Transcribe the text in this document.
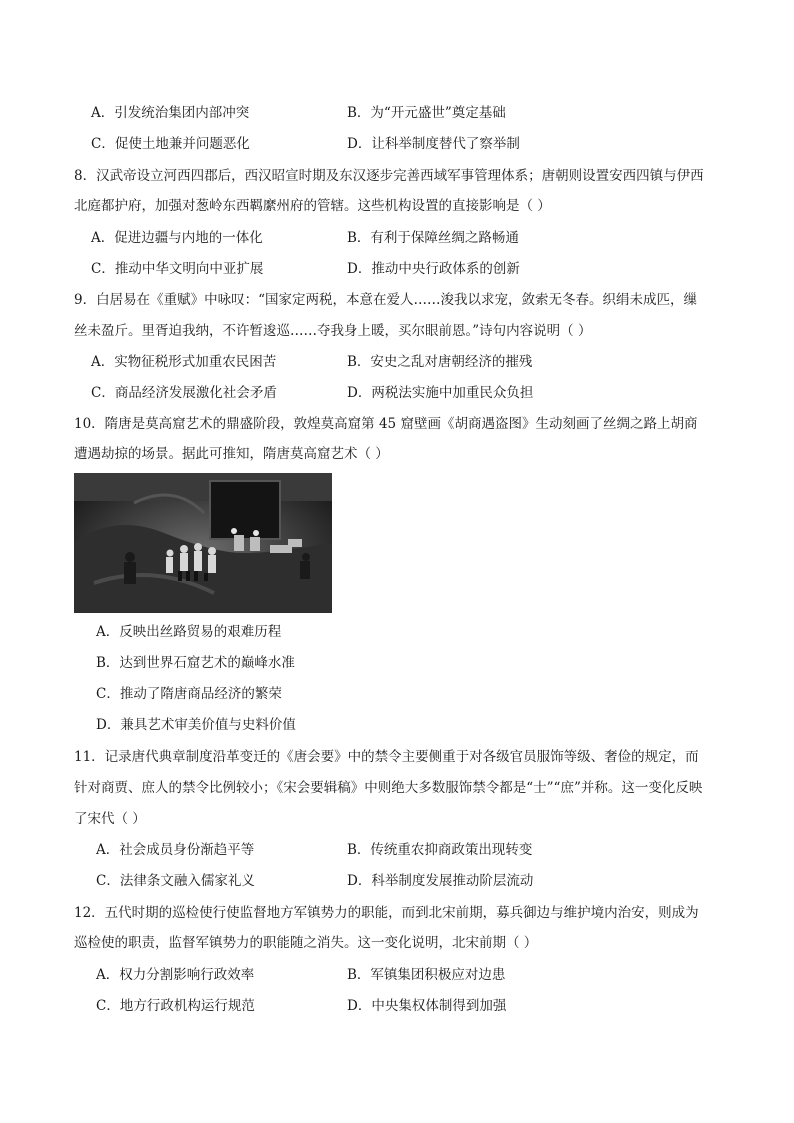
A．引发统治集团内部冲突	B．为“开元盛世”奠定基础
C．促使土地兼并问题恶化	D．让科举制度替代了察举制
8．汉武帝设立河西四郡后，西汉昭宣时期及东汉逐步完善西域军事管理体系；唐朝则设置安西四镇与伊西
北庭都护府，加强对葱岭东西羁縻州府的管辖。这些机构设置的直接影响是（ ）
A．促进边疆与内地的一体化	B．有利于保障丝绸之路畅通
C．推动中华文明向中亚扩展	D．推动中央行政体系的创新
9．白居易在《重赋》中咏叹：“国家定两税，本意在爱人……浚我以求宠，敛索无冬春。织绢未成匹，缫
丝未盈斤。里胥迫我纳，不许暂逡巡……夺我身上暖，买尔眼前恩。”诗句内容说明（ ）
A．实物征税形式加重农民困苦	B．安史之乱对唐朝经济的摧残
C．商品经济发展激化社会矛盾	D．两税法实施中加重民众负担
10．隋唐是莫高窟艺术的鼎盛阶段，敦煌莫高窟第 45 窟壁画《胡商遇盗图》生动刻画了丝绸之路上胡商
遭遇劫掠的场景。据此可推知，隋唐莫高窟艺术（ ）
A．反映出丝路贸易的艰难历程
B．达到世界石窟艺术的巅峰水准
C．推动了隋唐商品经济的繁荣
D．兼具艺术审美价值与史料价值
11．记录唐代典章制度沿革变迁的《唐会要》中的禁令主要侧重于对各级官员服饰等级、奢俭的规定，而
针对商贾、庶人的禁令比例较小；《宋会要辑稿》中则绝大多数服饰禁令都是“士”“庶”并称。这一变化反映
了宋代（ ）
A．社会成员身份渐趋平等	B．传统重农抑商政策出现转变
C．法律条文融入儒家礼义	D．科举制度发展推动阶层流动
12．五代时期的巡检使行使监督地方军镇势力的职能，而到北宋前期，募兵御边与维护境内治安，则成为
巡检使的职责，监督军镇势力的职能随之消失。这一变化说明，北宋前期（ ）
A．权力分割影响行政效率	B．军镇集团积极应对边患
C．地方行政机构运行规范	D．中央集权体制得到加强
